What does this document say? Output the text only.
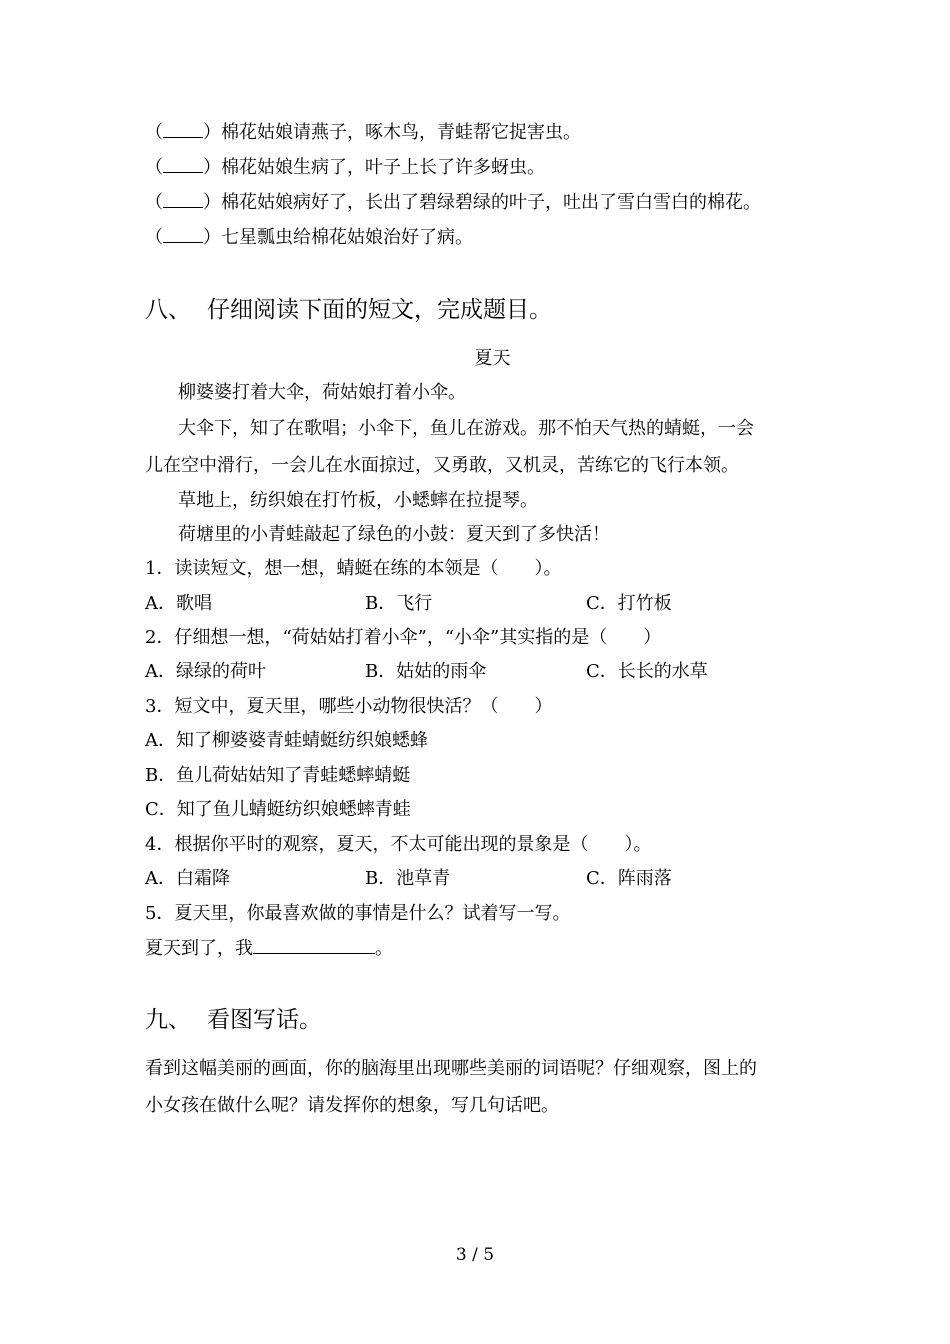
（ ）棉花姑娘请燕子，啄木鸟，青蛙帮它捉害虫。
（ ）棉花姑娘生病了，叶子上长了许多蚜虫。
（ ）棉花姑娘病好了，长出了碧绿碧绿的叶子，吐出了雪白雪白的棉花。
（ ）七星瓢虫给棉花姑娘治好了病。
八、 仔细阅读下面的短文，完成题目。
夏天
柳婆婆打着大伞，荷姑娘打着小伞。
大伞下，知了在歌唱；小伞下，鱼儿在游戏。那不怕天气热的蜻蜓，一会
儿在空中滑行，一会儿在水面掠过，又勇敢，又机灵，苦练它的飞行本领。
草地上，纺织娘在打竹板，小蟋蟀在拉提琴。
荷塘里的小青蛙敲起了绿色的小鼓：夏天到了多快活！
1．读读短文，想一想，蜻蜓在练的本领是（　　）。
A．歌唱	B．飞行	C．打竹板
2．仔细想一想，“荷姑姑打着小伞”，“小伞”其实指的是（　　）
A．绿绿的荷叶	B．姑姑的雨伞	C．长长的水草
3．短文中，夏天里，哪些小动物很快活？（　　）
A．知了柳婆婆青蛙蜻蜓纺织娘蟋蜂
B．鱼儿荷姑姑知了青蛙蟋蟀蜻蜓
C．知了鱼儿蜻蜓纺织娘蟋蟀青蛙
4．根据你平时的观察，夏天，不太可能出现的景象是（　　）。
A．白霜降	B．池草青	C．阵雨落
5．夏天里，你最喜欢做的事情是什么？试着写一写。
夏天到了，我	。
九、 看图写话。
看到这幅美丽的画面，你的脑海里出现哪些美丽的词语呢？仔细观察，图上的
小女孩在做什么呢？请发挥你的想象，写几句话吧。
3 / 5
